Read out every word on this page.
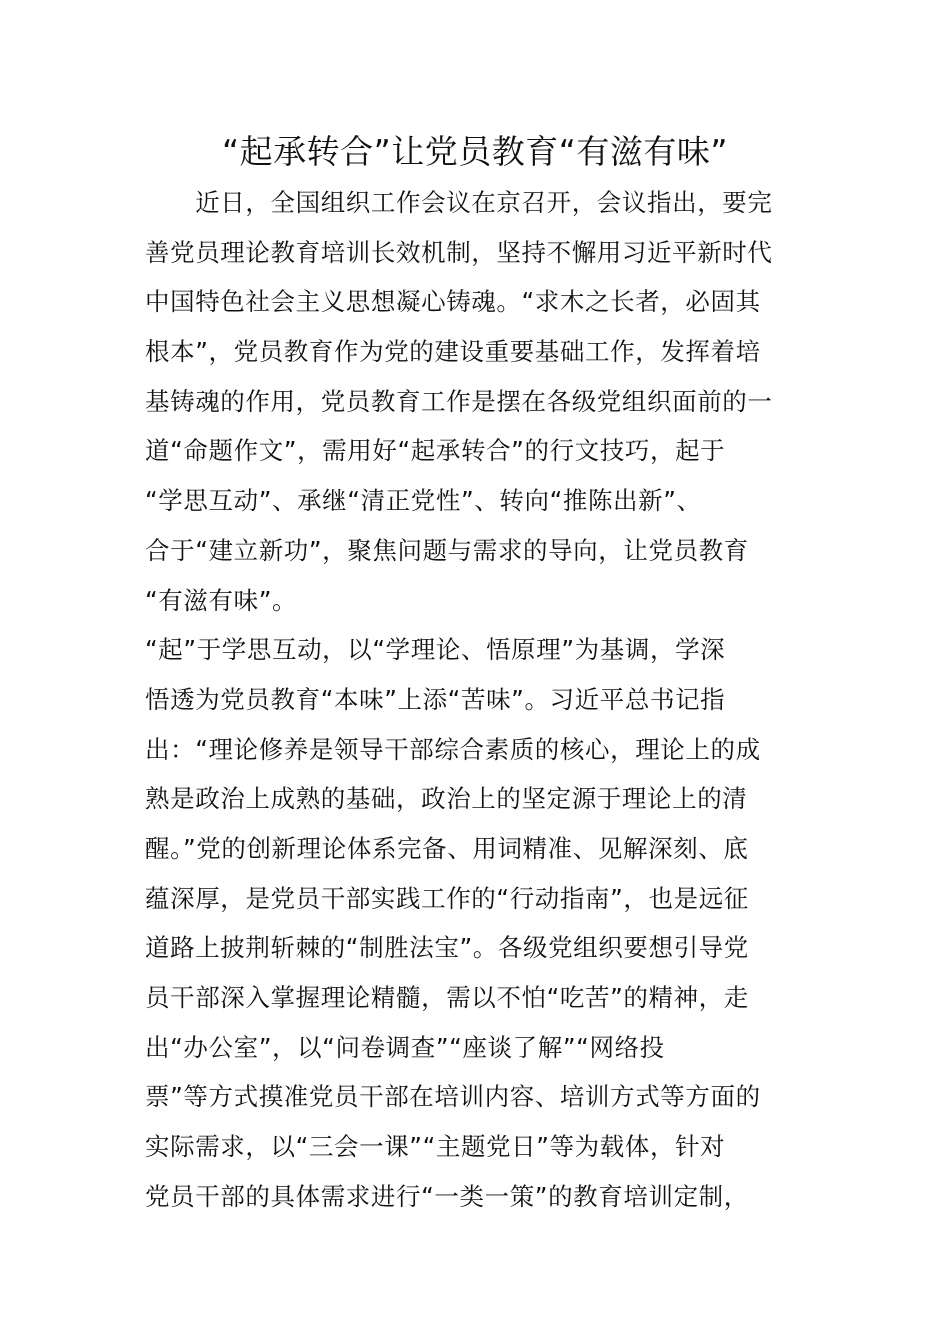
“起承转合”让党员教育“有滋有味”
　　近日，全国组织工作会议在京召开，会议指出，要完
善党员理论教育培训长效机制，坚持不懈用习近平新时代
中国特色社会主义思想凝心铸魂。“求木之长者，必固其
根本”，党员教育作为党的建设重要基础工作，发挥着培
基铸魂的作用，党员教育工作是摆在各级党组织面前的一
道“命题作文”，需用好“起承转合”的行文技巧，起于
“学思互动”、承继“清正党性”、转向“推陈出新”、
合于“建立新功”，聚焦问题与需求的导向，让党员教育
“有滋有味”。
“起”于学思互动，以“学理论、悟原理”为基调，学深
悟透为党员教育“本味”上添“苦味”。习近平总书记指
出：“理论修养是领导干部综合素质的核心，理论上的成
熟是政治上成熟的基础，政治上的坚定源于理论上的清
醒。”党的创新理论体系完备、用词精准、见解深刻、底
蕴深厚，是党员干部实践工作的“行动指南”，也是远征
道路上披荆斩棘的“制胜法宝”。各级党组织要想引导党
员干部深入掌握理论精髓，需以不怕“吃苦”的精神，走
出“办公室”，以“问卷调查”“座谈了解”“网络投
票”等方式摸准党员干部在培训内容、培训方式等方面的
实际需求，以“三会一课”“主题党日”等为载体，针对
党员干部的具体需求进行“一类一策”的教育培训定制，
